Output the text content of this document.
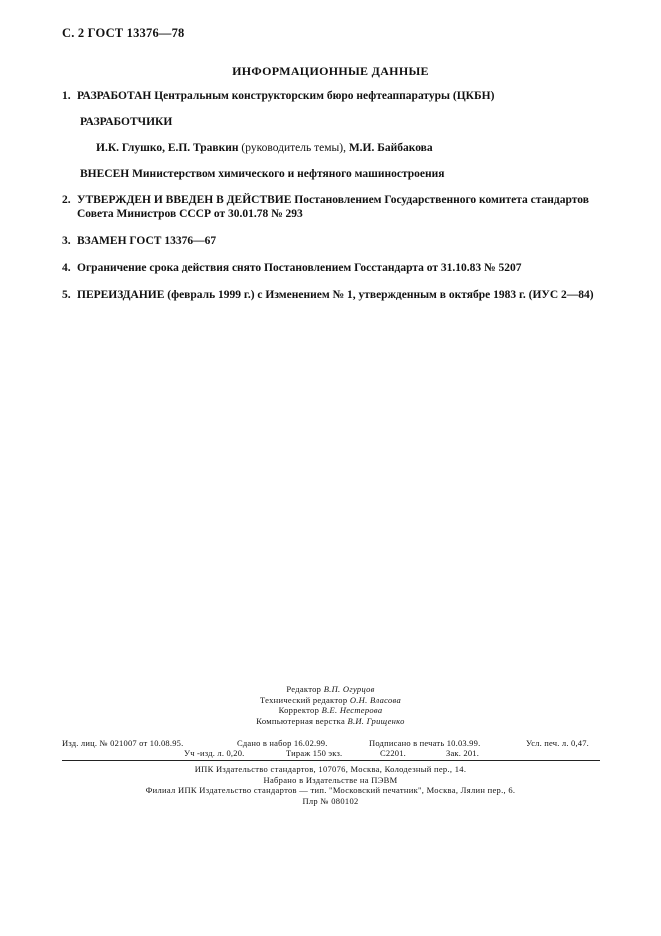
С. 2 ГОСТ 13376—78
ИНФОРМАЦИОННЫЕ ДАННЫЕ
1. РАЗРАБОТАН Центральным конструкторским бюро нефтеаппаратуры (ЦКБН)
РАЗРАБОТЧИКИ
И.К. Глушко, Е.П. Травкин (руководитель темы), М.И. Байбакова
ВНЕСЕН Министерством химического и нефтяного машиностроения
2. УТВЕРЖДЕН И ВВЕДЕН В ДЕЙСТВИЕ Постановлением Государственного комитета стандартов
Совета Министров СССР от 30.01.78 № 293
3. ВЗАМЕН ГОСТ 13376—67
4. Ограничение срока действия снято Постановлением Госстандарта от 31.10.83 № 5207
5. ПЕРЕИЗДАНИЕ (февраль 1999 г.) с Изменением № 1, утвержденным в октябре 1983 г. (ИУС 2—84)
Редактор В.П. Огурцов
Технический редактор О.Н. Власова
Корректор В.Е. Нестерова
Компьютерная верстка В.И. Грищенко
Изд. лиц. № 021007 от 10.08.95.	Сдано в набор 16.02.99.	Подписано в печать 10.03.99.	Усл. печ. л. 0,47.
Уч -изд. л. 0,20.	Тираж 150 экз.	С2201.	Зак. 201.
ИПК Издательство стандартов, 107076, Москва, Колодезный пер., 14.
Набрано в Издательстве на ПЭВМ
Филиал ИПК Издательство стандартов — тип. "Московский печатник", Москва, Лялин пер., 6.
Плр № 080102
